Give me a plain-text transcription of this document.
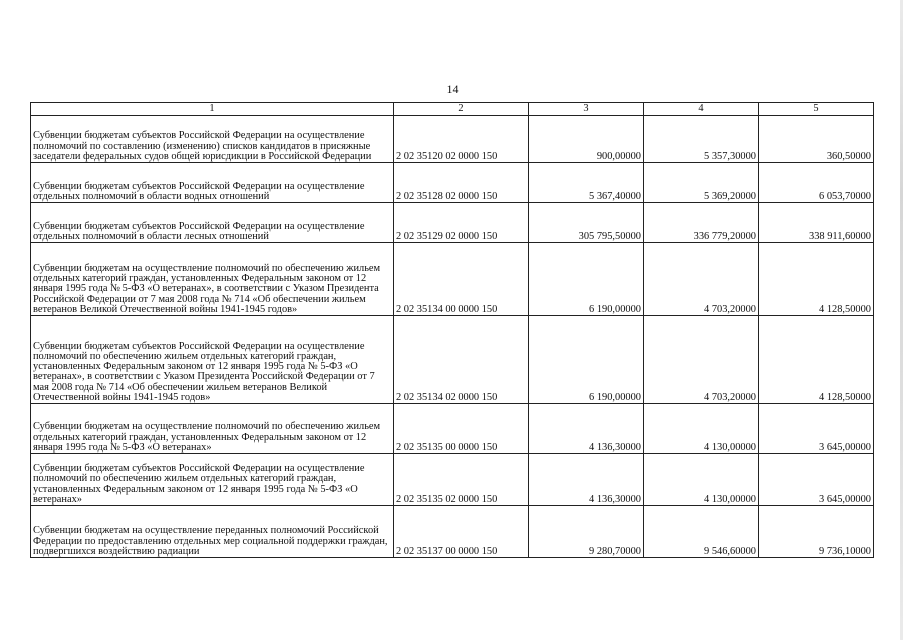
14
1	2	3	4	5
Субвенции бюджетам субъектов Российской Федерации на осуществление полномочий по составлению (изменению) списков кандидатов в присяжные заседатели федеральных судов общей юрисдикции в Российской Федерации	2 02 35120 02 0000 150	900,00000	5 357,30000	360,50000
Субвенции бюджетам субъектов Российской Федерации на осуществление отдельных полномочий в области водных отношений	2 02 35128 02 0000 150	5 367,40000	5 369,20000	6 053,70000
Субвенции бюджетам субъектов Российской Федерации на осуществление отдельных полномочий в области лесных отношений	2 02 35129 02 0000 150	305 795,50000	336 779,20000	338 911,60000
Субвенции бюджетам на осуществление полномочий по обеспечению жильем отдельных категорий граждан, установленных Федеральным законом от 12 января 1995 года № 5-ФЗ «О ветеранах», в соответствии с Указом Президента Российской Федерации от 7 мая 2008 года № 714 «Об обеспечении жильем ветеранов Великой Отечественной войны 1941-1945 годов»	2 02 35134 00 0000 150	6 190,00000	4 703,20000	4 128,50000
Субвенции бюджетам субъектов Российской Федерации на осуществление полномочий по обеспечению жильем отдельных категорий граждан, установленных Федеральным законом от 12 января 1995 года № 5-ФЗ «О ветеранах», в соответствии с Указом Президента Российской Федерации от 7 мая 2008 года № 714 «Об обеспечении жильем ветеранов Великой Отечественной войны 1941-1945 годов»	2 02 35134 02 0000 150	6 190,00000	4 703,20000	4 128,50000
Субвенции бюджетам на осуществление полномочий по обеспечению жильем отдельных категорий граждан, установленных Федеральным законом от 12 января 1995 года № 5-ФЗ «О ветеранах»	2 02 35135 00 0000 150	4 136,30000	4 130,00000	3 645,00000
Субвенции бюджетам субъектов Российской Федерации на осуществление полномочий по обеспечению жильем отдельных категорий граждан, установленных Федеральным законом от 12 января 1995 года № 5-ФЗ «О ветеранах»	2 02 35135 02 0000 150	4 136,30000	4 130,00000	3 645,00000
Субвенции бюджетам на осуществление переданных полномочий Российской Федерации по предоставлению отдельных мер социальной поддержки граждан, подвергшихся воздействию радиации	2 02 35137 00 0000 150	9 280,70000	9 546,60000	9 736,10000
